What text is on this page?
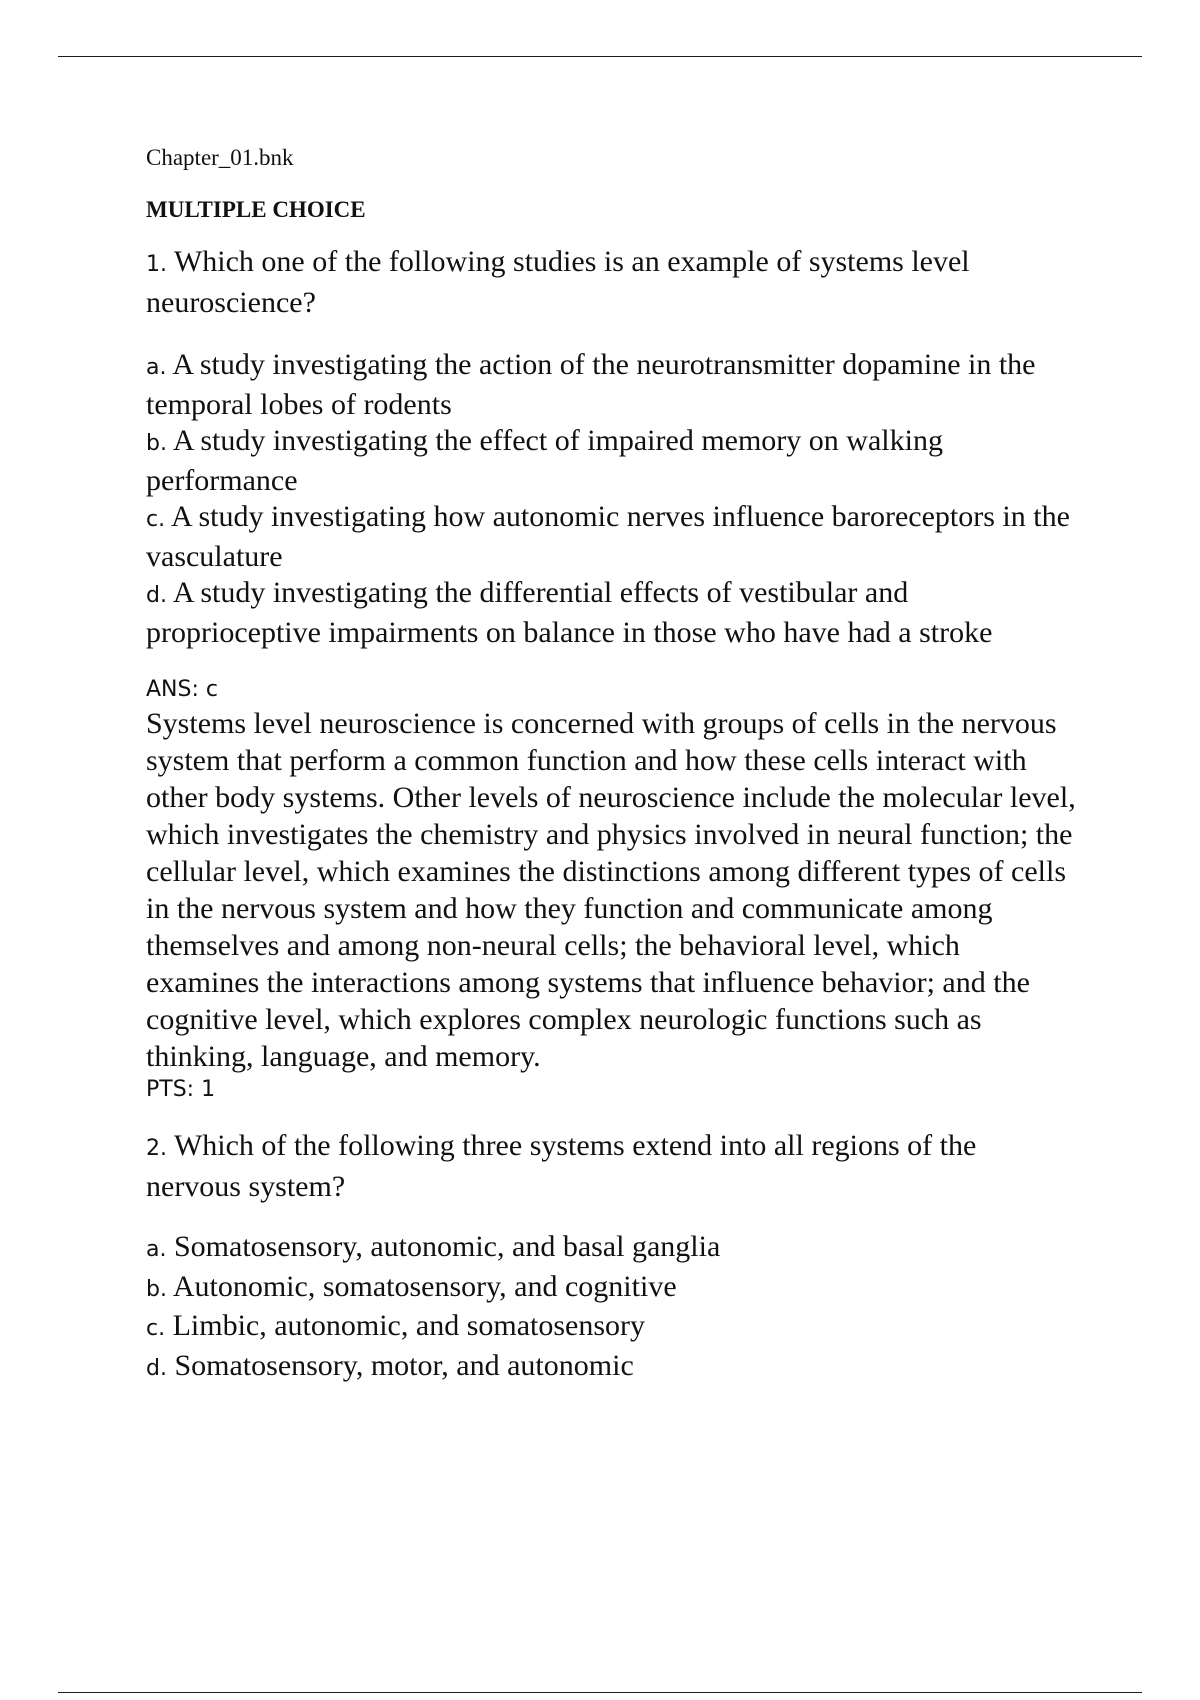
Chapter_01.bnk

MULTIPLE CHOICE

1. Which one of the following studies is an example of systems level neuroscience?

a. A study investigating the action of the neurotransmitter dopamine in the temporal lobes of rodents
b. A study investigating the effect of impaired memory on walking performance
c. A study investigating how autonomic nerves influence baroreceptors in the vasculature
d. A study investigating the differential effects of vestibular and proprioceptive impairments on balance in those who have had a stroke

ANS: c

Systems level neuroscience is concerned with groups of cells in the nervous system that perform a common function and how these cells interact with other body systems. Other levels of neuroscience include the molecular level, which investigates the chemistry and physics involved in neural function; the cellular level, which examines the distinctions among different types of cells in the nervous system and how they function and communicate among themselves and among non-neural cells; the behavioral level, which examines the interactions among systems that influence behavior; and the cognitive level, which explores complex neurologic functions such as thinking, language, and memory.

PTS: 1

2. Which of the following three systems extend into all regions of the nervous system?

a. Somatosensory, autonomic, and basal ganglia
b. Autonomic, somatosensory, and cognitive
c. Limbic, autonomic, and somatosensory
d. Somatosensory, motor, and autonomic
